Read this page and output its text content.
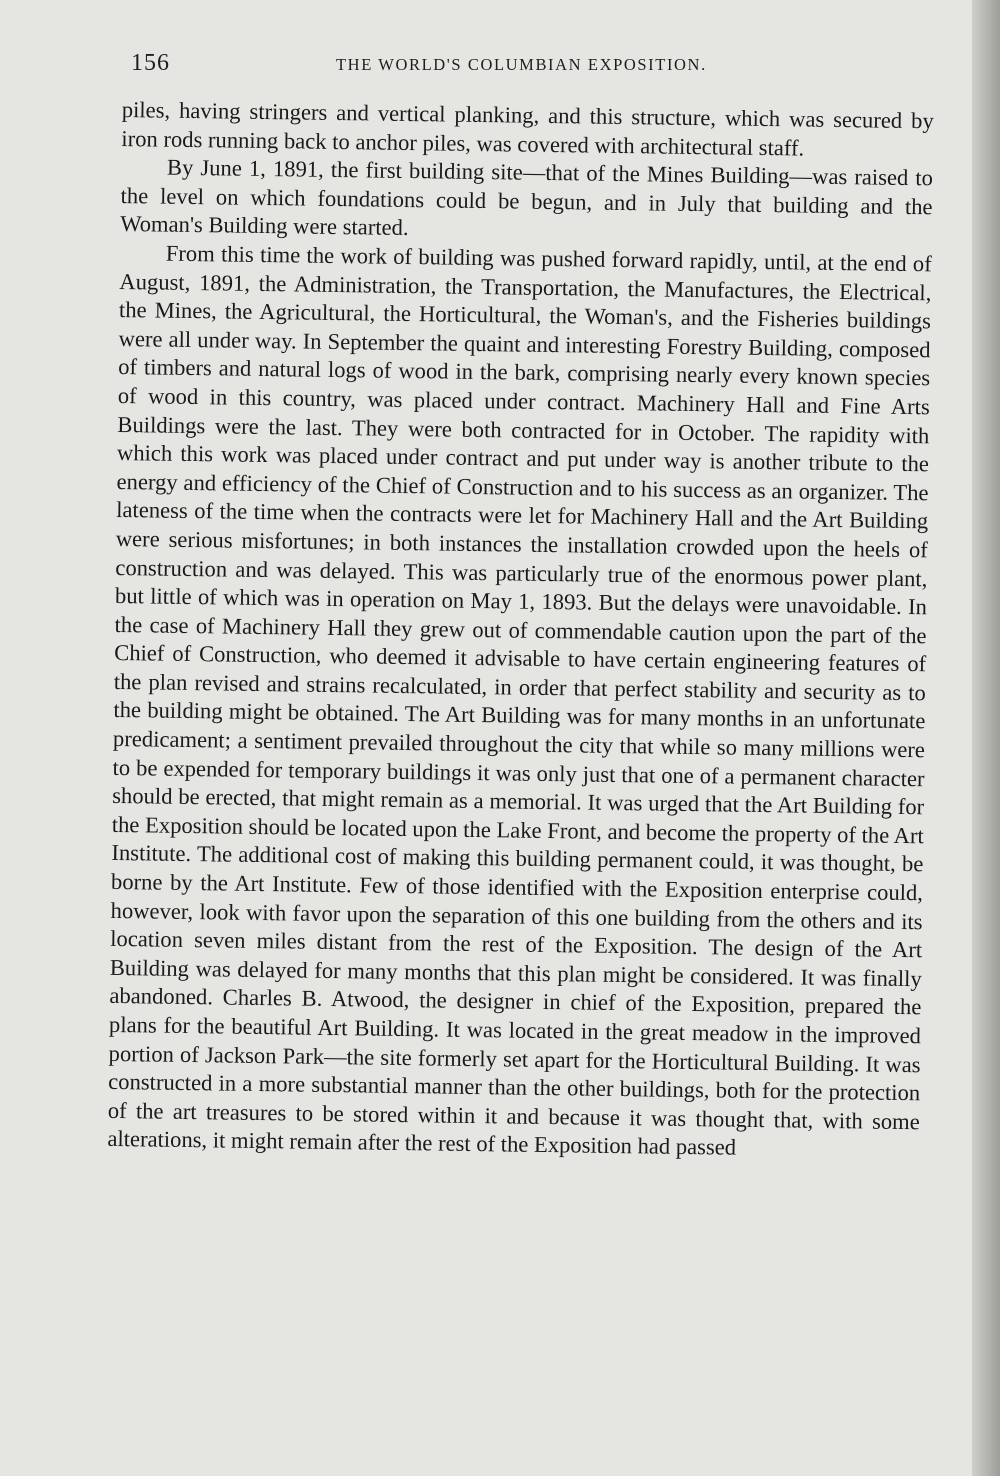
156	THE WORLD'S COLUMBIAN EXPOSITION.

piles, having stringers and vertical planking, and this structure, which was secured by iron rods running back to anchor piles, was covered with architectural staff.

By June 1, 1891, the first building site—that of the Mines Building—was raised to the level on which foundations could be begun, and in July that building and the Woman's Building were started.

From this time the work of building was pushed forward rapidly, until, at the end of August, 1891, the Administration, the Transportation, the Manufactures, the Electrical, the Mines, the Agricultural, the Horticultural, the Woman's, and the Fisheries buildings were all under way. In September the quaint and interesting Forestry Building, composed of timbers and natural logs of wood in the bark, comprising nearly every known species of wood in this country, was placed under contract. Machinery Hall and Fine Arts Buildings were the last. They were both contracted for in October. The rapidity with which this work was placed under contract and put under way is another tribute to the energy and efficiency of the Chief of Construction and to his success as an organizer. The lateness of the time when the contracts were let for Machinery Hall and the Art Building were serious misfortunes; in both instances the installation crowded upon the heels of construction and was delayed. This was particularly true of the enormous power plant, but little of which was in operation on May 1, 1893. But the delays were unavoidable. In the case of Machinery Hall they grew out of commendable caution upon the part of the Chief of Construction, who deemed it advisable to have certain engineering features of the plan revised and strains recalculated, in order that perfect stability and security as to the building might be obtained. The Art Building was for many months in an unfortunate predicament; a sentiment prevailed throughout the city that while so many millions were to be expended for temporary buildings it was only just that one of a permanent character should be erected, that might remain as a memorial. It was urged that the Art Building for the Exposition should be located upon the Lake Front, and become the property of the Art Institute. The additional cost of making this building permanent could, it was thought, be borne by the Art Institute. Few of those identified with the Exposition enterprise could, however, look with favor upon the separation of this one building from the others and its location seven miles distant from the rest of the Exposition. The design of the Art Building was delayed for many months that this plan might be considered. It was finally abandoned. Charles B. Atwood, the designer in chief of the Exposition, prepared the plans for the beautiful Art Building. It was located in the great meadow in the improved portion of Jackson Park—the site formerly set apart for the Horticultural Building. It was constructed in a more substantial manner than the other buildings, both for the protection of the art treasures to be stored within it and because it was thought that, with some alterations, it might remain after the rest of the Exposition had passed
